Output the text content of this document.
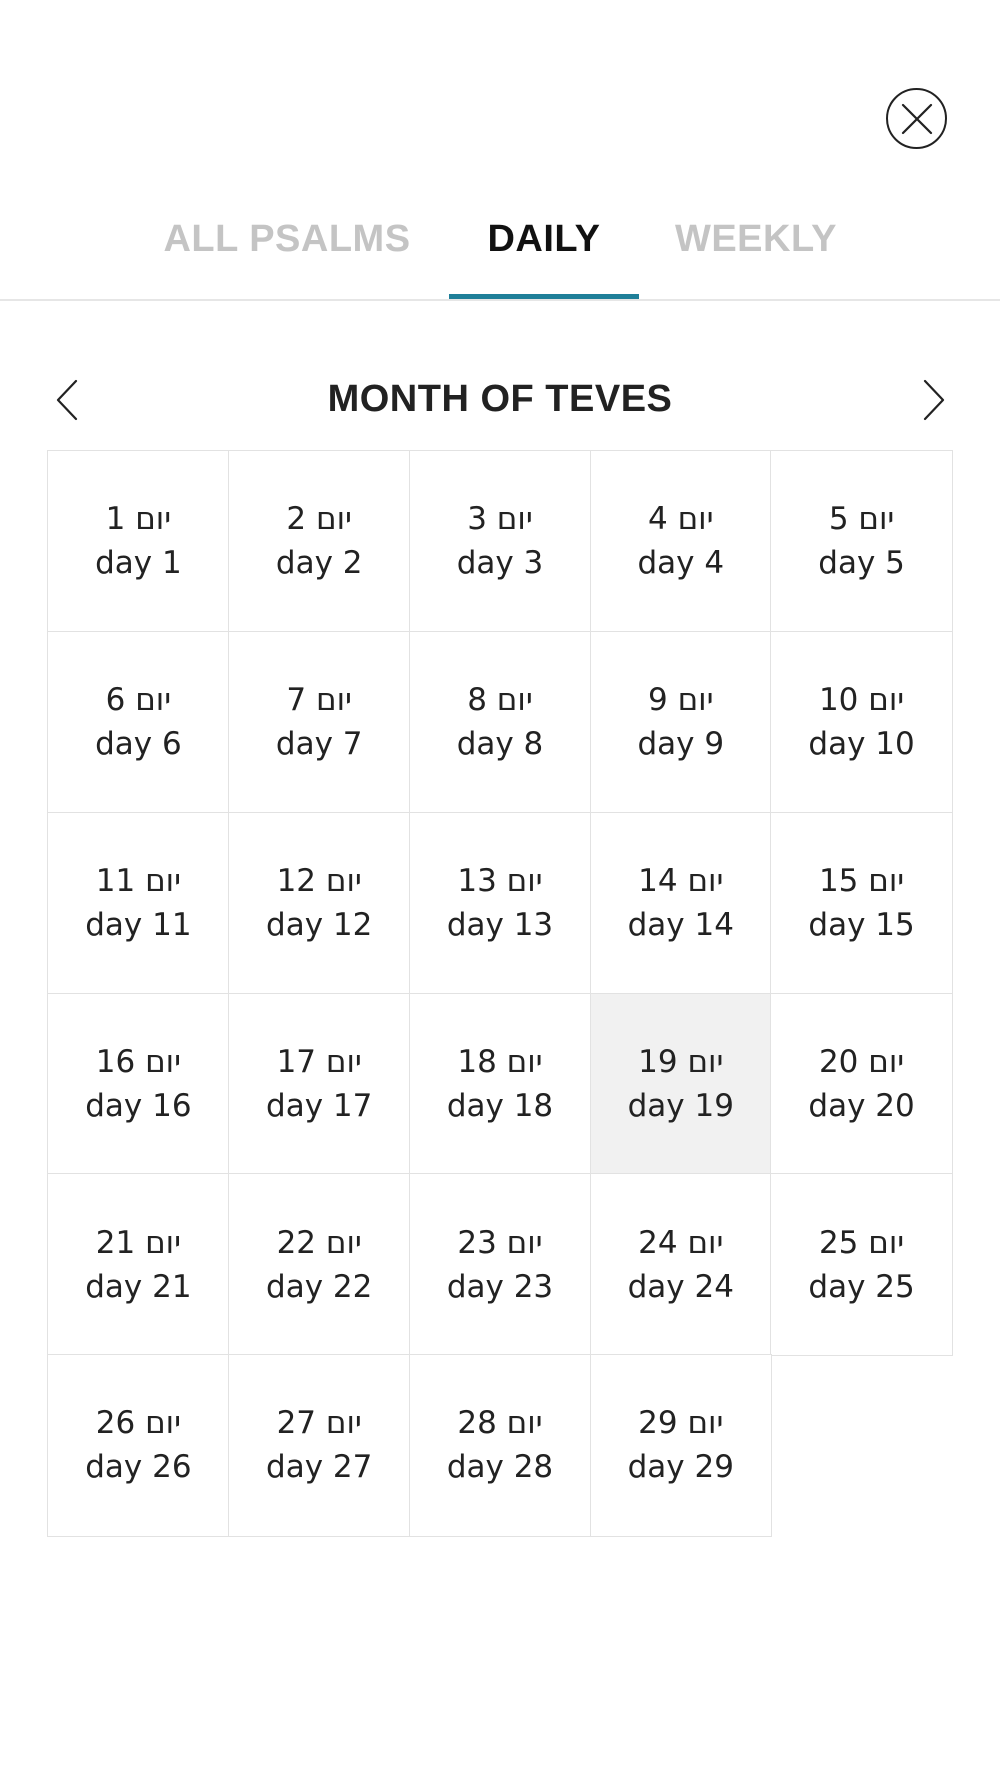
ALL PSALMS	DAILY	WEEKLY
MONTH OF TEVES
יום 1
day 1
יום 2
day 2
יום 3
day 3
יום 4
day 4
יום 5
day 5
יום 6
day 6
יום 7
day 7
יום 8
day 8
יום 9
day 9
יום 10
day 10
יום 11
day 11
יום 12
day 12
יום 13
day 13
יום 14
day 14
יום 15
day 15
יום 16
day 16
יום 17
day 17
יום 18
day 18
יום 19
day 19
יום 20
day 20
יום 21
day 21
יום 22
day 22
יום 23
day 23
יום 24
day 24
יום 25
day 25
יום 26
day 26
יום 27
day 27
יום 28
day 28
יום 29
day 29
